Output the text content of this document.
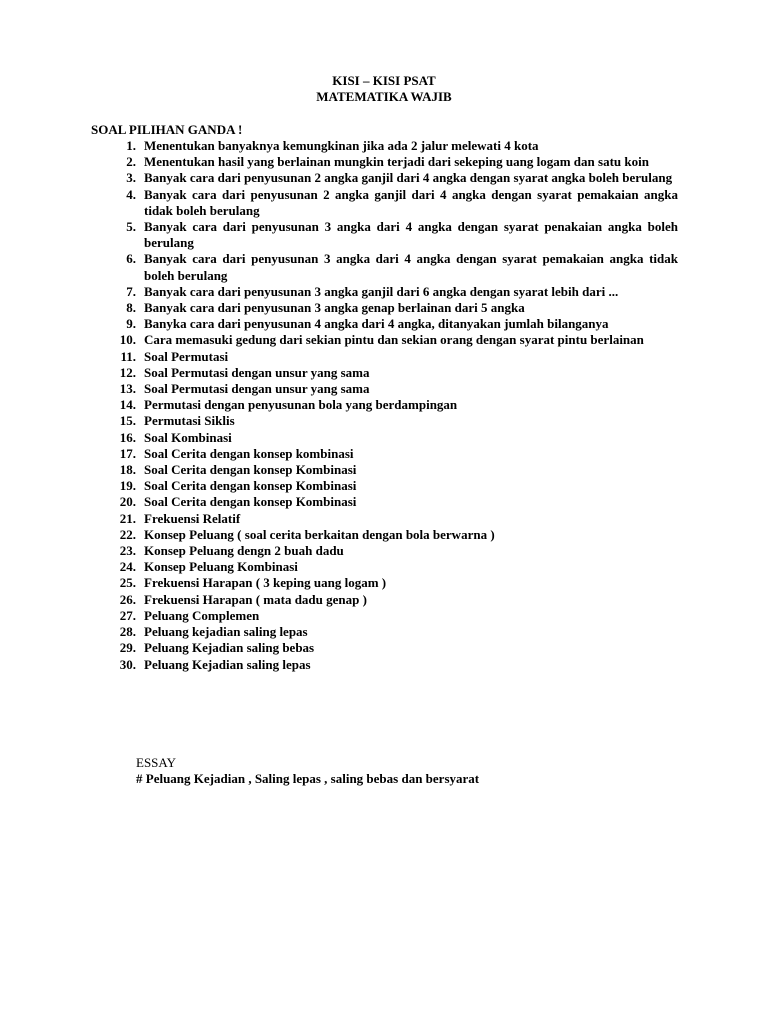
KISI – KISI PSAT
MATEMATIKA WAJIB
SOAL PILIHAN GANDA !
1. Menentukan banyaknya kemungkinan jika ada 2 jalur melewati 4 kota
2. Menentukan hasil yang berlainan mungkin terjadi dari sekeping uang logam dan satu koin
3. Banyak cara dari penyusunan 2 angka ganjil dari 4 angka dengan syarat angka boleh berulang
4. Banyak cara dari penyusunan 2 angka ganjil dari 4 angka dengan syarat pemakaian angka tidak boleh berulang
5. Banyak cara dari penyusunan 3 angka dari 4 angka dengan syarat penakaian angka boleh berulang
6. Banyak cara dari penyusunan 3 angka dari 4 angka dengan syarat pemakaian angka tidak boleh berulang
7. Banyak cara dari penyusunan 3 angka ganjil dari 6 angka dengan syarat lebih dari ...
8. Banyak cara dari penyusunan 3 angka genap berlainan dari 5 angka
9. Banyka cara dari penyusunan 4 angka dari 4 angka, ditanyakan jumlah bilanganya
10. Cara memasuki gedung dari sekian pintu dan sekian orang dengan syarat pintu berlainan
11. Soal Permutasi
12. Soal Permutasi dengan unsur yang sama
13. Soal Permutasi dengan unsur yang sama
14. Permutasi dengan penyusunan bola yang berdampingan
15. Permutasi Siklis
16. Soal Kombinasi
17. Soal Cerita dengan konsep kombinasi
18. Soal Cerita dengan konsep Kombinasi
19. Soal Cerita dengan konsep Kombinasi
20. Soal Cerita dengan konsep Kombinasi
21. Frekuensi Relatif
22. Konsep Peluang ( soal cerita berkaitan dengan bola berwarna )
23. Konsep Peluang dengn 2 buah dadu
24. Konsep Peluang Kombinasi
25. Frekuensi Harapan ( 3 keping uang logam )
26. Frekuensi Harapan ( mata dadu genap )
27. Peluang Complemen
28. Peluang kejadian saling lepas
29. Peluang Kejadian saling bebas
30. Peluang Kejadian saling lepas
ESSAY
# Peluang Kejadian , Saling lepas , saling bebas dan bersyarat
